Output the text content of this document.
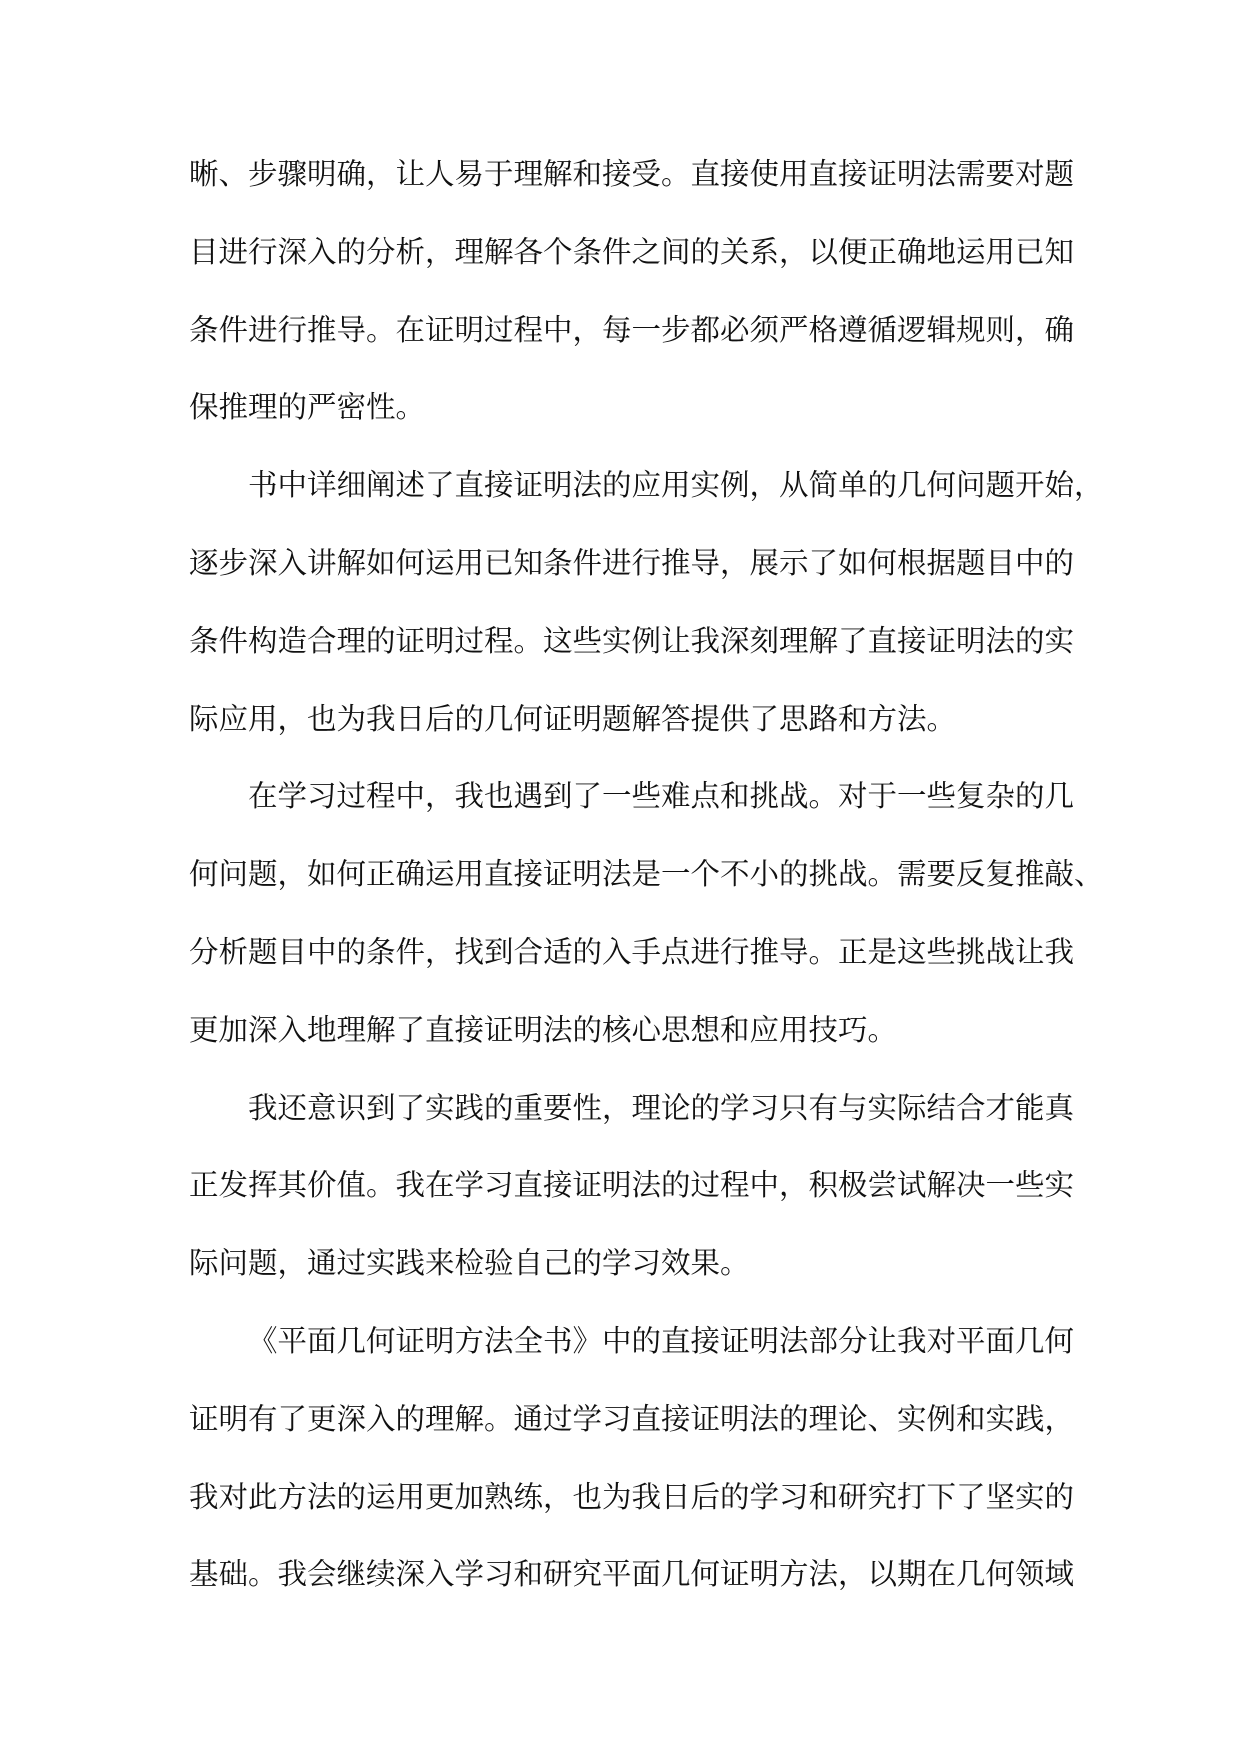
晰、步骤明确，让人易于理解和接受。直接使用直接证明法需要对题
目进行深入的分析，理解各个条件之间的关系，以便正确地运用已知
条件进行推导。在证明过程中，每一步都必须严格遵循逻辑规则，确
保推理的严密性。
书中详细阐述了直接证明法的应用实例，从简单的几何问题开始，
逐步深入讲解如何运用已知条件进行推导，展示了如何根据题目中的
条件构造合理的证明过程。这些实例让我深刻理解了直接证明法的实
际应用，也为我日后的几何证明题解答提供了思路和方法。
在学习过程中，我也遇到了一些难点和挑战。对于一些复杂的几
何问题，如何正确运用直接证明法是一个不小的挑战。需要反复推敲、
分析题目中的条件，找到合适的入手点进行推导。正是这些挑战让我
更加深入地理解了直接证明法的核心思想和应用技巧。
我还意识到了实践的重要性，理论的学习只有与实际结合才能真
正发挥其价值。我在学习直接证明法的过程中，积极尝试解决一些实
际问题，通过实践来检验自己的学习效果。
《平面几何证明方法全书》中的直接证明法部分让我对平面几何
证明有了更深入的理解。通过学习直接证明法的理论、实例和实践，
我对此方法的运用更加熟练，也为我日后的学习和研究打下了坚实的
基础。我会继续深入学习和研究平面几何证明方法，以期在几何领域
